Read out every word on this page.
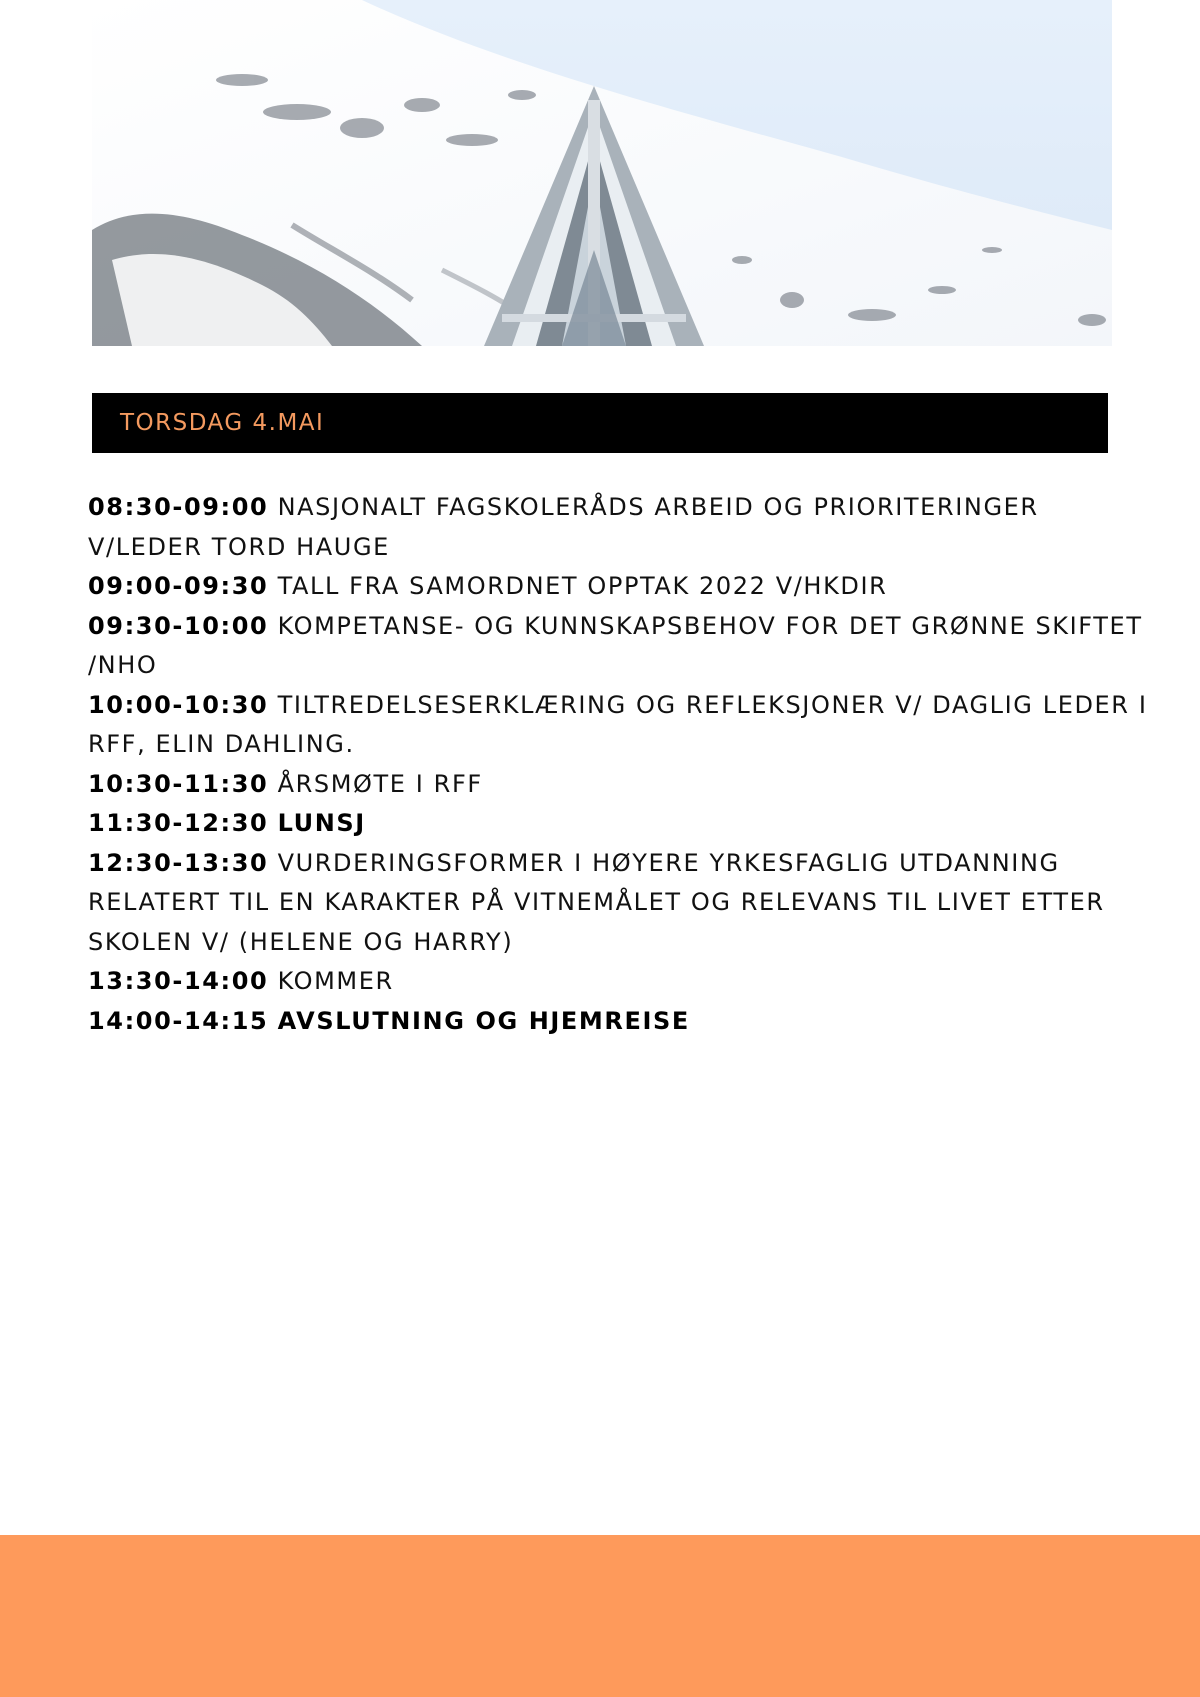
TORSDAG 4.MAI
08:30-09:00 NASJONALT FAGSKOLERÅDS ARBEID OG PRIORITERINGER V/LEDER TORD HAUGE
09:00-09:30 TALL FRA SAMORDNET OPPTAK 2022 V/HKDIR
09:30-10:00 KOMPETANSE- OG KUNNSKAPSBEHOV FOR DET GRØNNE SKIFTET /NHO
10:00-10:30 TILTREDELSESERKLÆRING OG REFLEKSJONER V/ DAGLIG LEDER I RFF, ELIN DAHLING.
10:30-11:30 ÅRSMØTE I RFF
11:30-12:30 LUNSJ
12:30-13:30 VURDERINGSFORMER I HØYERE YRKESFAGLIG UTDANNING RELATERT TIL EN KARAKTER PÅ VITNEMÅLET OG RELEVANS TIL LIVET ETTER SKOLEN V/ (HELENE OG HARRY)
13:30-14:00 KOMMER
14:00-14:15 AVSLUTNING OG HJEMREISE
